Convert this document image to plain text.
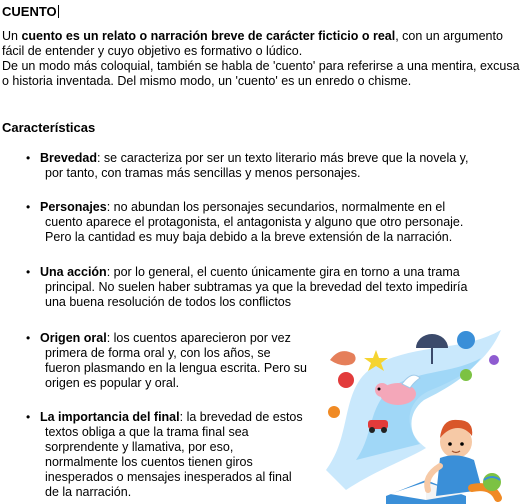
CUENTO

Un cuento es un relato o narración breve de carácter ficticio o real, con un argumento fácil de entender y cuyo objetivo es formativo o lúdico.

De un modo más coloquial, también se habla de 'cuento' para referirse a una mentira, excusa o historia inventada. Del mismo modo, un 'cuento' es un enredo o chisme.

Características
• Brevedad: se caracteriza por ser un texto literario más breve que la novela y, por tanto, con tramas más sencillas y menos personajes.
• Personajes: no abundan los personajes secundarios, normalmente en el cuento aparece el protagonista, el antagonista y alguno que otro personaje. Pero la cantidad es muy baja debido a la breve extensión de la narración.
• Una acción: por lo general, el cuento únicamente gira en torno a una trama principal. No suelen haber subtramas ya que la brevedad del texto impediría una buena resolución de todos los conflictos
• Origen oral: los cuentos aparecieron por vez primera de forma oral y, con los años, se fueron plasmando en la lengua escrita. Pero su origen es popular y oral.
• La importancia del final: la brevedad de estos textos obliga a que la trama final sea sorprendente y llamativa, por eso, normalmente los cuentos tienen giros inesperados o mensajes inesperados al final de la narración.
